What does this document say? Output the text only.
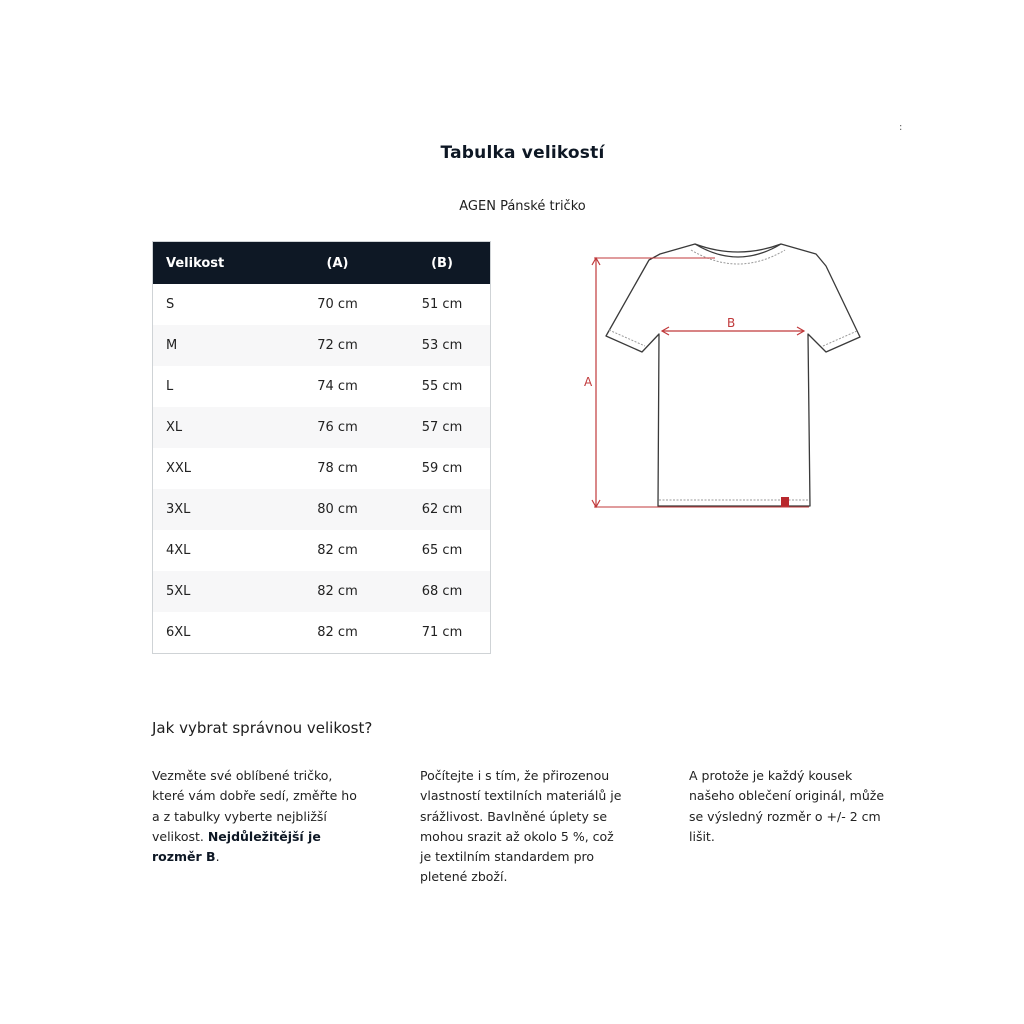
Tabulka velikostí
AGEN Pánské tričko
:
Velikost	(A)	(B)
S	70 cm	51 cm
M	72 cm	53 cm
L	74 cm	55 cm
XL	76 cm	57 cm
XXL	78 cm	59 cm
3XL	80 cm	62 cm
4XL	82 cm	65 cm
5XL	82 cm	68 cm
6XL	82 cm	71 cm
A
B
Jak vybrat správnou velikost?
Vezměte své oblíbené tričko,
které vám dobře sedí, změřte ho
a z tabulky vyberte nejbližší
velikost. Nejdůležitější je
rozměr B.
Počítejte i s tím, že přirozenou
vlastností textilních materiálů je
srážlivost. Bavlněné úplety se
mohou srazit až okolo 5 %, což
je textilním standardem pro
pletené zboží.
A protože je každý kousek
našeho oblečení originál, může
se výsledný rozměr o +/- 2 cm
lišit.
